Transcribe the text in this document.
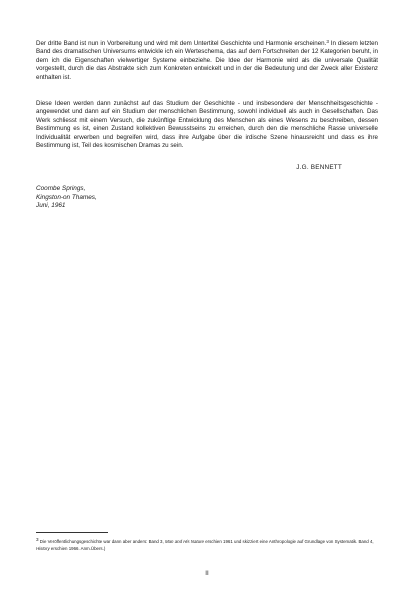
Der dritte Band ist nun in Vorbereitung und wird mit dem Untertitel Geschichte und Harmonie erscheinen.$^3$ In diesem letzten Band des dramatischen Universums entwickle ich ein Werteschema, das auf dem Fortschreiten der 12 Kategorien beruht, in dem ich die Eigenschaften vielwertiger Systeme einbeziehe. Die Idee der Harmonie wird als die universale Qualität vorgestellt, durch die das Abstrakte sich zum Konkreten entwickelt und in der die Bedeutung und der Zweck aller Existenz enthalten ist.

Diese Ideen werden dann zunächst auf das Studium der Geschichte - und insbesondere der Menschheitsgeschichte - angewendet und dann auf ein Studium der menschlichen Bestimmung, sowohl individuell als auch in Gesellschaften. Das Werk schliesst mit einem Versuch, die zukünftige Entwicklung des Menschen als eines Wesens zu beschreiben, dessen Bestimmung es ist, einen Zustand kollektiven Bewusstseins zu erreichen, durch den die menschliche Rasse universelle Individualität erwerben und begreifen wird, dass ihre Aufgabe über die irdische Szene hinausreicht und dass es ihre Bestimmung ist, Teil des kosmischen Dramas zu sein.

J.G. BENNETT
Coombe Springs,
Kingston-on Thames,
Juni, 1961

$^3$ Die Veröffentlichungsgeschichte war dann aber anders: Band 3, Man and His Nature erschien 1961 und skizziert eine Anthropologie auf Grundlage von Systematik. Band 4, History erschien 1966. Anm.Übers.)

II
